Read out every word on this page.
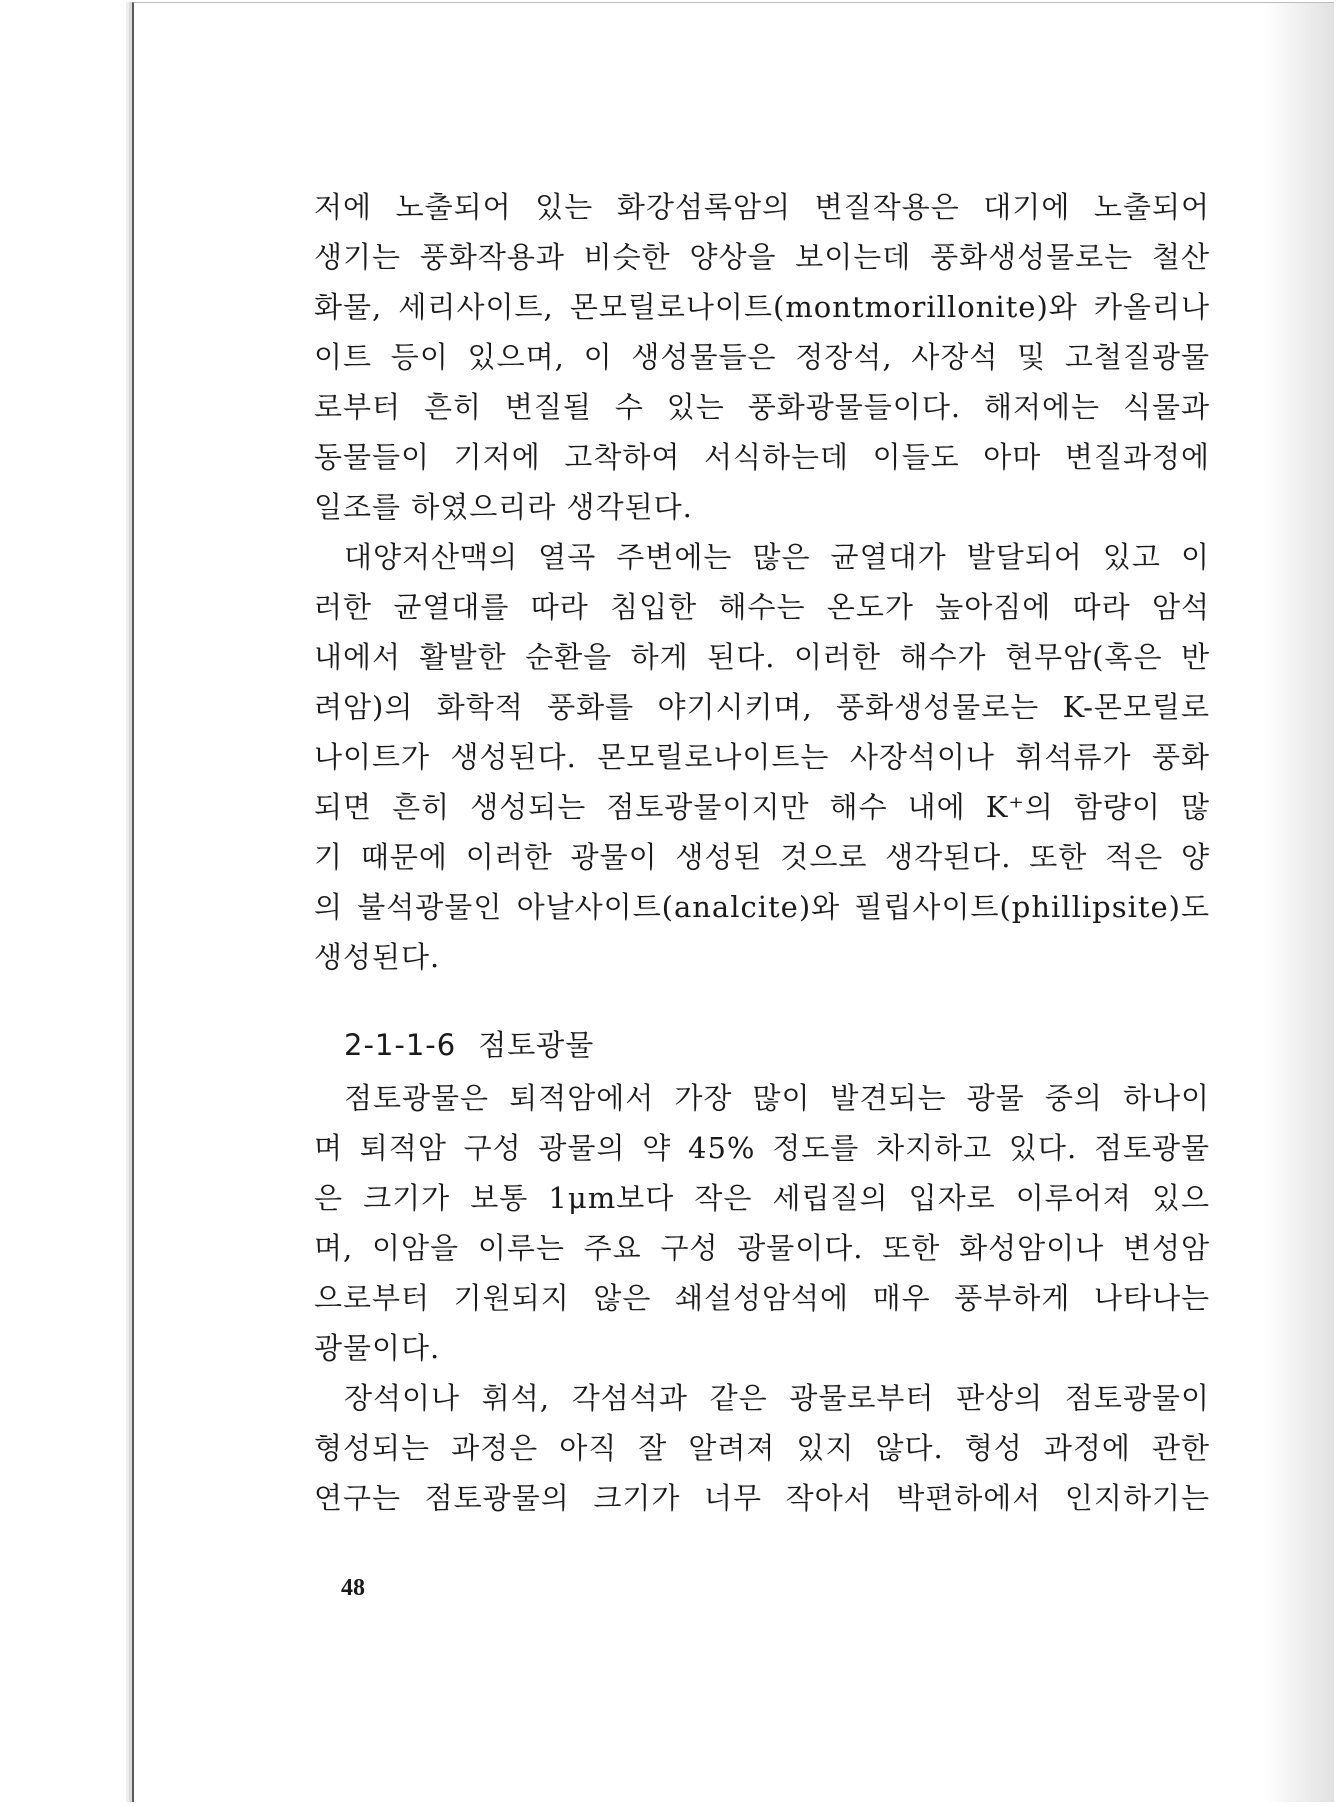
저에 노출되어 있는 화강섬록암의 변질작용은 대기에 노출되어
생기는 풍화작용과 비슷한 양상을 보이는데 풍화생성물로는 철산
화물, 세리사이트, 몬모릴로나이트(montmorillonite)와 카올리나
이트 등이 있으며, 이 생성물들은 정장석, 사장석 및 고철질광물
로부터 흔히 변질될 수 있는 풍화광물들이다. 해저에는 식물과
동물들이 기저에 고착하여 서식하는데 이들도 아마 변질과정에
일조를 하였으리라 생각된다.
대양저산맥의 열곡 주변에는 많은 균열대가 발달되어 있고 이
러한 균열대를 따라 침입한 해수는 온도가 높아짐에 따라 암석
내에서 활발한 순환을 하게 된다. 이러한 해수가 현무암(혹은 반
려암)의 화학적 풍화를 야기시키며, 풍화생성물로는 K-몬모릴로
나이트가 생성된다. 몬모릴로나이트는 사장석이나 휘석류가 풍화
되면 흔히 생성되는 점토광물이지만 해수 내에 K⁺의 함량이 많
기 때문에 이러한 광물이 생성된 것으로 생각된다. 또한 적은 양
의 불석광물인 아날사이트(analcite)와 필립사이트(phillipsite)도
생성된다.
2-1-1-6 점토광물
점토광물은 퇴적암에서 가장 많이 발견되는 광물 중의 하나이
며 퇴적암 구성 광물의 약 45% 정도를 차지하고 있다. 점토광물
은 크기가 보통 1μm보다 작은 세립질의 입자로 이루어져 있으
며, 이암을 이루는 주요 구성 광물이다. 또한 화성암이나 변성암
으로부터 기원되지 않은 쇄설성암석에 매우 풍부하게 나타나는
광물이다.
장석이나 휘석, 각섬석과 같은 광물로부터 판상의 점토광물이
형성되는 과정은 아직 잘 알려져 있지 않다. 형성 과정에 관한
연구는 점토광물의 크기가 너무 작아서 박편하에서 인지하기는
48
